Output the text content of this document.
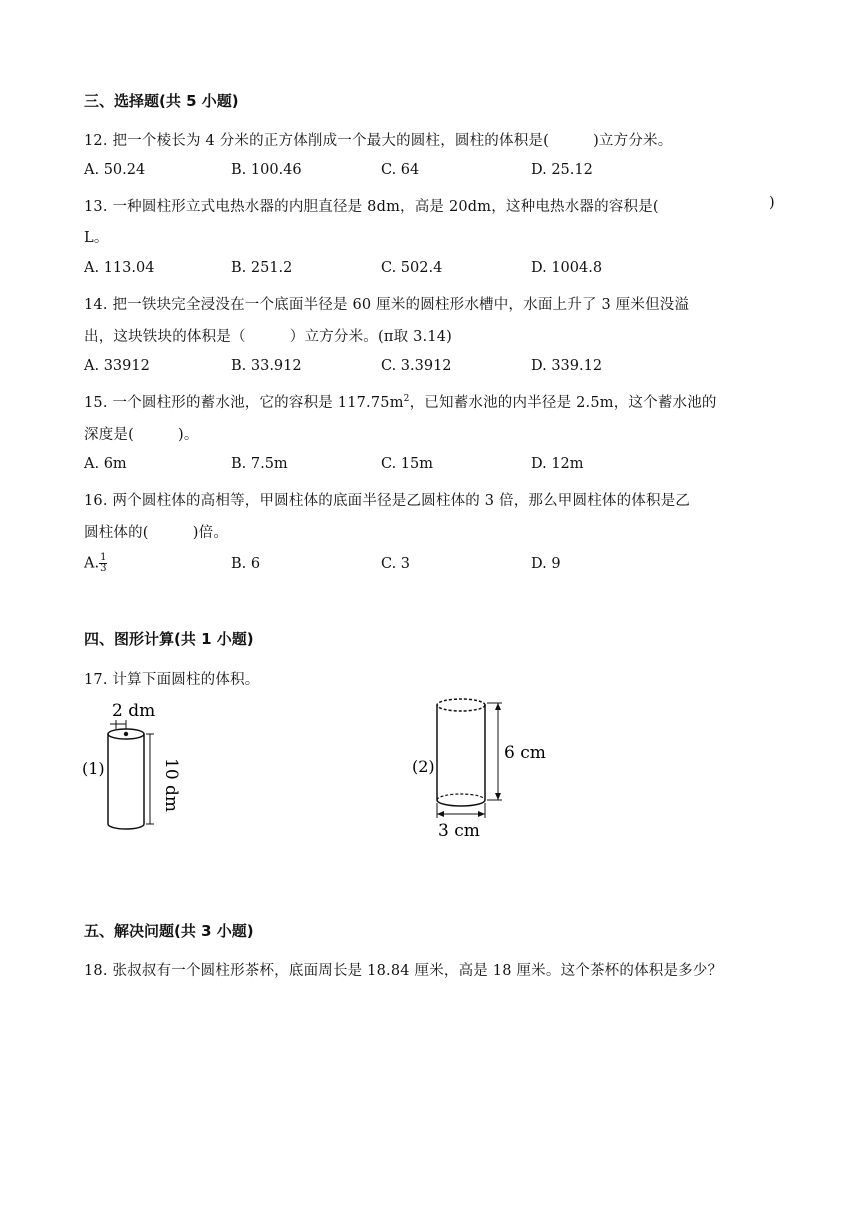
三、选择题(共 5 小题)
12. 把一个棱长为 4 分米的正方体削成一个最大的圆柱，圆柱的体积是(　　　)立方分米。
A. 50.24	B. 100.46	C. 64	D. 25.12
13. 一种圆柱形立式电热水器的内胆直径是 8dm，高是 20dm，这种电热水器的容积是(	)
L。
A. 113.04	B. 251.2	C. 502.4	D. 1004.8
14. 把一铁块完全浸没在一个底面半径是 60 厘米的圆柱形水槽中，水面上升了 3 厘米但没溢
出，这块铁块的体积是（　　　）立方分米。(π取 3.14)
A. 33912	B. 33.912	C. 3.3912	D. 339.12
15. 一个圆柱形的蓄水池，它的容积是 $117.75m^2$，已知蓄水池的内半径是 2.5m，这个蓄水池的
深度是(　　　)。
A. 6m	B. 7.5m	C. 15m	D. 12m
16. 两个圆柱体的高相等，甲圆柱体的底面半径是乙圆柱体的 3 倍，那么甲圆柱体的体积是乙
圆柱体的(　　　)倍。
A. $\frac{1}{3}$	B. 6	C. 3	D. 9
四、图形计算(共 1 小题)
17. 计算下面圆柱的体积。
2 dm
10 dm
(1)
6 cm
3 cm
(2)
五、解决问题(共 3 小题)
18. 张叔叔有一个圆柱形茶杯，底面周长是 18.84 厘米，高是 18 厘米。这个茶杯的体积是多少？
